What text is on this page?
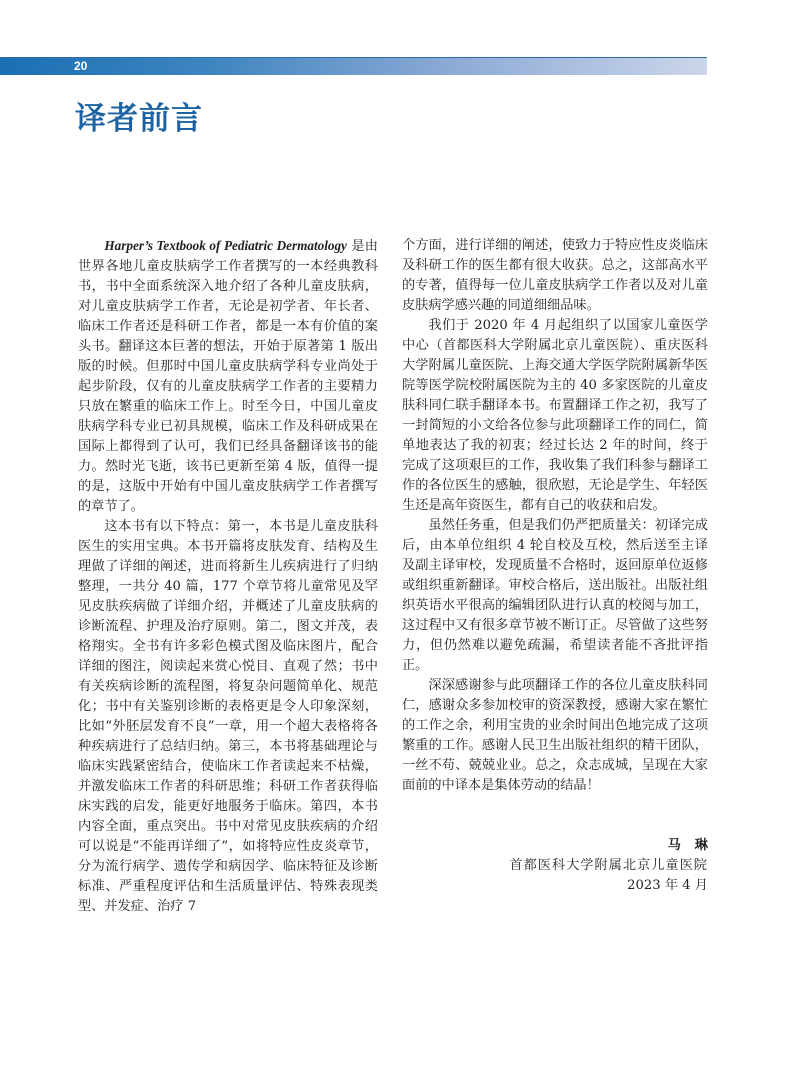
20
译者前言

Harper’s Textbook of Pediatric Dermatology 是由世界各地儿童皮肤病学工作者撰写的一本经典教科书，书中全面系统深入地介绍了各种儿童皮肤病，对儿童皮肤病学工作者，无论是初学者、年长者、临床工作者还是科研工作者，都是一本有价值的案头书。翻译这本巨著的想法，开始于原著第 1 版出版的时候。但那时中国儿童皮肤病学科专业尚处于起步阶段，仅有的儿童皮肤病学工作者的主要精力只放在繁重的临床工作上。时至今日，中国儿童皮肤病学科专业已初具规模，临床工作及科研成果在国际上都得到了认可，我们已经具备翻译该书的能力。然时光飞逝，该书已更新至第 4 版，值得一提的是，这版中开始有中国儿童皮肤病学工作者撰写的章节了。

这本书有以下特点：第一，本书是儿童皮肤科医生的实用宝典。本书开篇将皮肤发育、结构及生理做了详细的阐述，进而将新生儿疾病进行了归纳整理，一共分 40 篇，177 个章节将儿童常见及罕见皮肤疾病做了详细介绍，并概述了儿童皮肤病的诊断流程、护理及治疗原则。第二，图文并茂，表格翔实。全书有许多彩色模式图及临床图片，配合详细的图注，阅读起来赏心悦目、直观了然；书中有关疾病诊断的流程图，将复杂问题简单化、规范化；书中有关鉴别诊断的表格更是令人印象深刻，比如“外胚层发育不良”一章，用一个超大表格将各种疾病进行了总结归纳。第三，本书将基础理论与临床实践紧密结合，使临床工作者读起来不枯燥，并激发临床工作者的科研思维；科研工作者获得临床实践的启发，能更好地服务于临床。第四，本书内容全面，重点突出。书中对常见皮肤疾病的介绍可以说是“不能再详细了”，如将特应性皮炎章节，分为流行病学、遗传学和病因学、临床特征及诊断标准、严重程度评估和生活质量评估、特殊表现类型、并发症、治疗 7

个方面，进行详细的阐述，使致力于特应性皮炎临床及科研工作的医生都有很大收获。总之，这部高水平的专著，值得每一位儿童皮肤病学工作者以及对儿童皮肤病学感兴趣的同道细细品味。

我们于 2020 年 4 月起组织了以国家儿童医学中心（首都医科大学附属北京儿童医院）、重庆医科大学附属儿童医院、上海交通大学医学院附属新华医院等医学院校附属医院为主的 40 多家医院的儿童皮肤科同仁联手翻译本书。布置翻译工作之初，我写了一封简短的小文给各位参与此项翻译工作的同仁，简单地表达了我的初衷；经过长达 2 年的时间，终于完成了这项艰巨的工作，我收集了我们科参与翻译工作的各位医生的感触，很欣慰，无论是学生、年轻医生还是高年资医生，都有自己的收获和启发。

虽然任务重，但是我们仍严把质量关：初译完成后，由本单位组织 4 轮自校及互校，然后送至主译及副主译审校，发现质量不合格时，返回原单位返修或组织重新翻译。审校合格后，送出版社。出版社组织英语水平很高的编辑团队进行认真的校阅与加工，这过程中又有很多章节被不断订正。尽管做了这些努力，但仍然难以避免疏漏，希望读者能不吝批评指正。

深深感谢参与此项翻译工作的各位儿童皮肤科同仁，感谢众多参加校审的资深教授，感谢大家在繁忙的工作之余，利用宝贵的业余时间出色地完成了这项繁重的工作。感谢人民卫生出版社组织的精干团队，一丝不苟、兢兢业业。总之，众志成城，呈现在大家面前的中译本是集体劳动的结晶！

马琳
首都医科大学附属北京儿童医院
2023 年 4 月
